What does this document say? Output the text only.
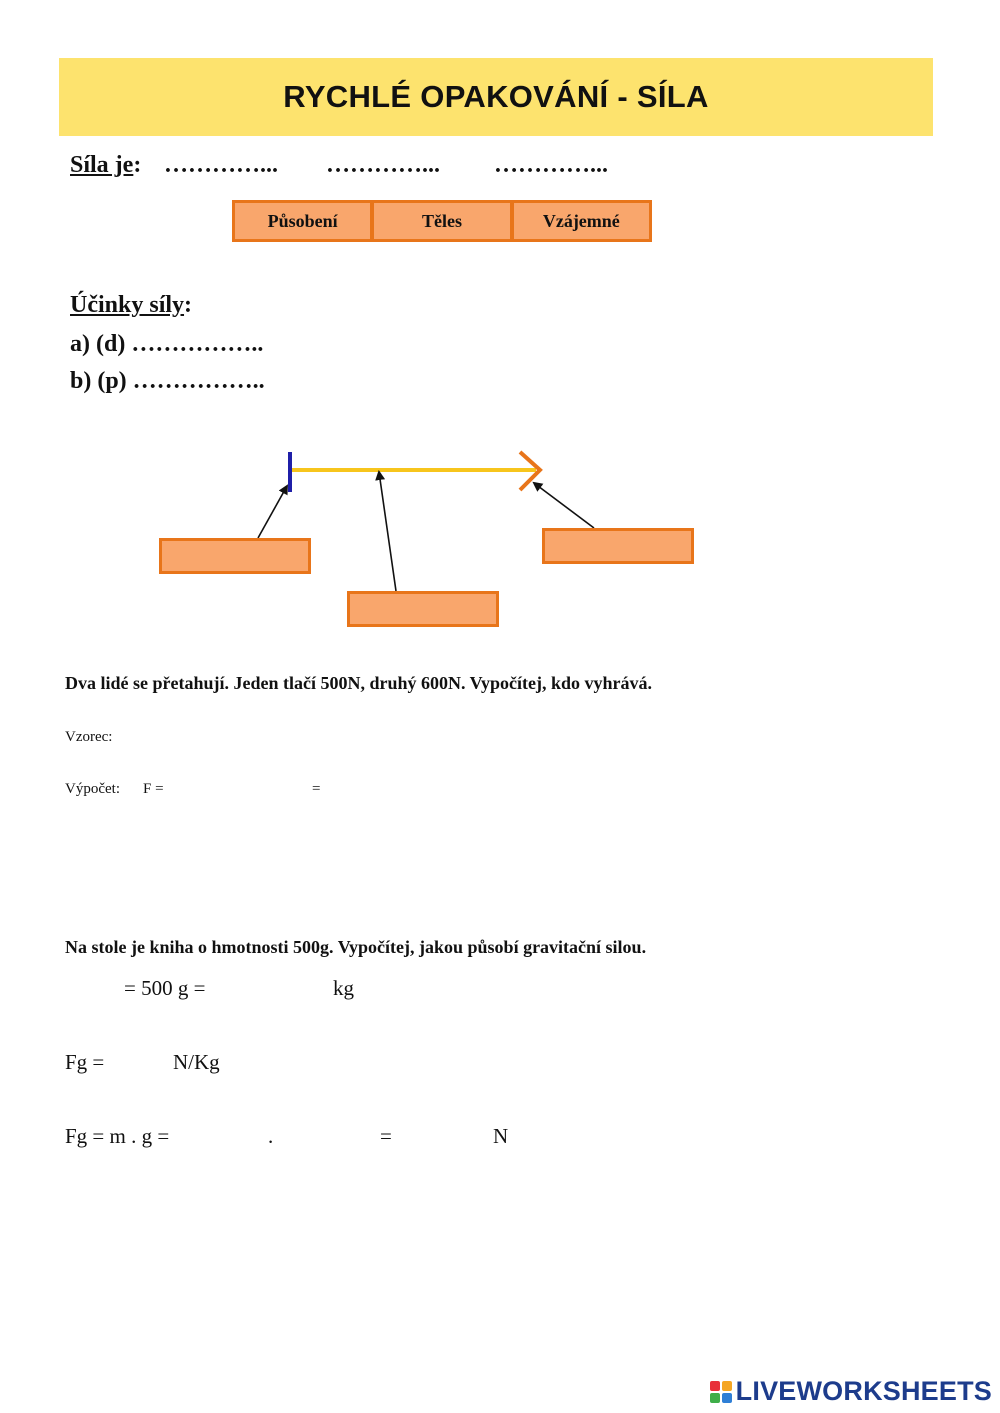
RYCHLÉ OPAKOVÁNÍ - SÍLA
Síla je: …………... …………... …………...
Působení	Těles	Vzájemné
Účinky síly:
a) (d) ……………..
b) (p) ……………..
Dva lidé se přetahují. Jeden tlačí 500N, druhý 600N. Vypočítej, kdo vyhrává.
Vzorec:
Výpočet: F =	=
Na stole je kniha o hmotnosti 500g. Vypočítej, jakou působí gravitační silou.
= 500 g =	kg
Fg =	N/Kg
Fg = m . g =	.	=	N
LIVEWORKSHEETS
